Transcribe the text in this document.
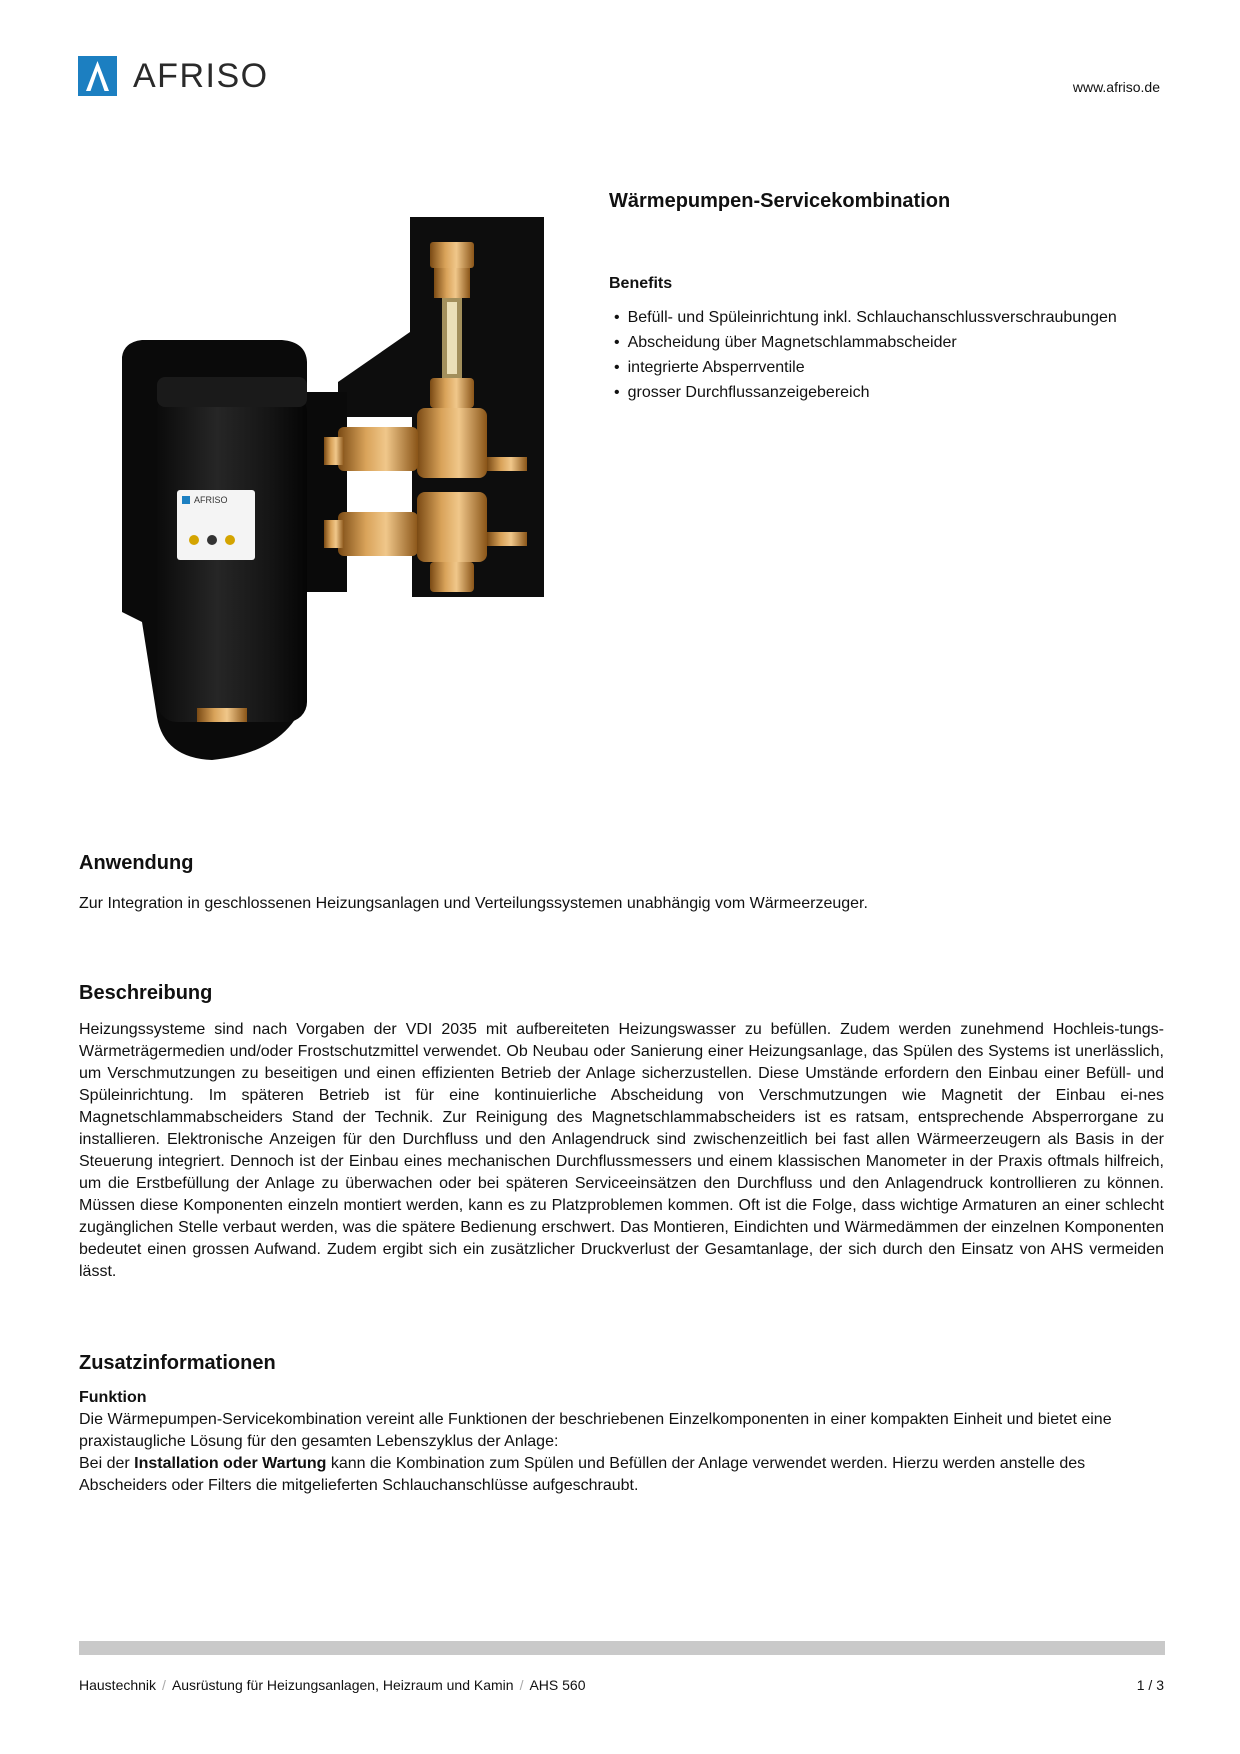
AFRISO	www.afriso.de
AFRISO
Wärmepumpen-Servicekombination
Benefits
• Befüll- und Spüleinrichtung inkl. Schlauchanschlussverschraubungen
• Abscheidung über Magnetschlammabscheider
• integrierte Absperrventile
• grosser Durchflussanzeigebereich
Anwendung
Zur Integration in geschlossenen Heizungsanlagen und Verteilungssystemen unabhängig vom Wärmeerzeuger.
Beschreibung
Heizungssysteme sind nach Vorgaben der VDI 2035 mit aufbereiteten Heizungswasser zu befüllen. Zudem werden zunehmend Hochleis-tungs-Wärmeträgermedien und/oder Frostschutzmittel verwendet. Ob Neubau oder Sanierung einer Heizungsanlage, das Spülen des Systems ist unerlässlich, um Verschmutzungen zu beseitigen und einen effizienten Betrieb der Anlage sicherzustellen. Diese Umstände erfordern den Einbau einer Befüll- und Spüleinrichtung. Im späteren Betrieb ist für eine kontinuierliche Abscheidung von Verschmutzungen wie Magnetit der Einbau ei-nes Magnetschlammabscheiders Stand der Technik. Zur Reinigung des Magnetschlammabscheiders ist es ratsam, entsprechende Absperrorgane zu installieren. Elektronische Anzeigen für den Durchfluss und den Anlagendruck sind zwischenzeitlich bei fast allen Wärmeerzeugern als Basis in der Steuerung integriert. Dennoch ist der Einbau eines mechanischen Durchflussmessers und einem klassischen Manometer in der Praxis oftmals hilfreich, um die Erstbefüllung der Anlage zu überwachen oder bei späteren Serviceeinsätzen den Durchfluss und den Anlagendruck kontrollieren zu können. Müssen diese Komponenten einzeln montiert werden, kann es zu Platzproblemen kommen. Oft ist die Folge, dass wichtige Armaturen an einer schlecht zugänglichen Stelle verbaut werden, was die spätere Bedienung erschwert. Das Montieren, Eindichten und Wärmedämmen der einzelnen Komponenten bedeutet einen grossen Aufwand. Zudem ergibt sich ein zusätzlicher Druckverlust der Gesamtanlage, der sich durch den Einsatz von AHS vermeiden lässt.
Zusatzinformationen
Funktion
Die Wärmepumpen-Servicekombination vereint alle Funktionen der beschriebenen Einzelkomponenten in einer kompakten Einheit und bietet eine praxistaugliche Lösung für den gesamten Lebenszyklus der Anlage:
Bei der Installation oder Wartung kann die Kombination zum Spülen und Befüllen der Anlage verwendet werden. Hierzu werden anstelle des Abscheiders oder Filters die mitgelieferten Schlauchanschlüsse aufgeschraubt.
Haustechnik / Ausrüstung für Heizungsanlagen, Heizraum und Kamin / AHS 560	1 / 3
